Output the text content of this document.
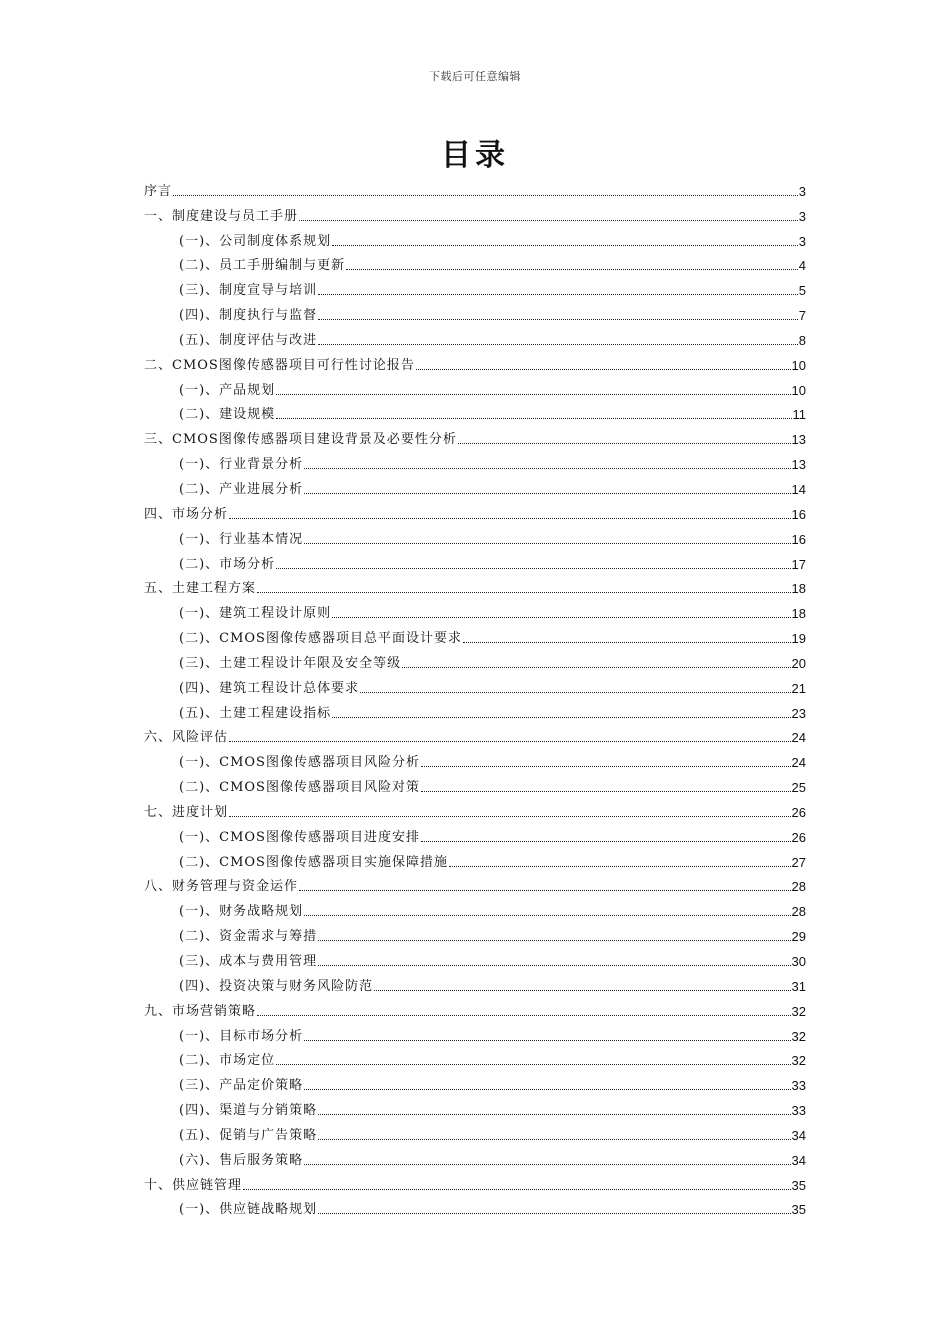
下载后可任意编辑
目录
序言	3
一、制度建设与员工手册	3
(一)、公司制度体系规划	3
(二)、员工手册编制与更新	4
(三)、制度宣导与培训	5
(四)、制度执行与监督	7
(五)、制度评估与改进	8
二、CMOS图像传感器项目可行性讨论报告	10
(一)、产品规划	10
(二)、建设规模	11
三、CMOS图像传感器项目建设背景及必要性分析	13
(一)、行业背景分析	13
(二)、产业进展分析	14
四、市场分析	16
(一)、行业基本情况	16
(二)、市场分析	17
五、土建工程方案	18
(一)、建筑工程设计原则	18
(二)、CMOS图像传感器项目总平面设计要求	19
(三)、土建工程设计年限及安全等级	20
(四)、建筑工程设计总体要求	21
(五)、土建工程建设指标	23
六、风险评估	24
(一)、CMOS图像传感器项目风险分析	24
(二)、CMOS图像传感器项目风险对策	25
七、进度计划	26
(一)、CMOS图像传感器项目进度安排	26
(二)、CMOS图像传感器项目实施保障措施	27
八、财务管理与资金运作	28
(一)、财务战略规划	28
(二)、资金需求与筹措	29
(三)、成本与费用管理	30
(四)、投资决策与财务风险防范	31
九、市场营销策略	32
(一)、目标市场分析	32
(二)、市场定位	32
(三)、产品定价策略	33
(四)、渠道与分销策略	33
(五)、促销与广告策略	34
(六)、售后服务策略	34
十、供应链管理	35
(一)、供应链战略规划	35
